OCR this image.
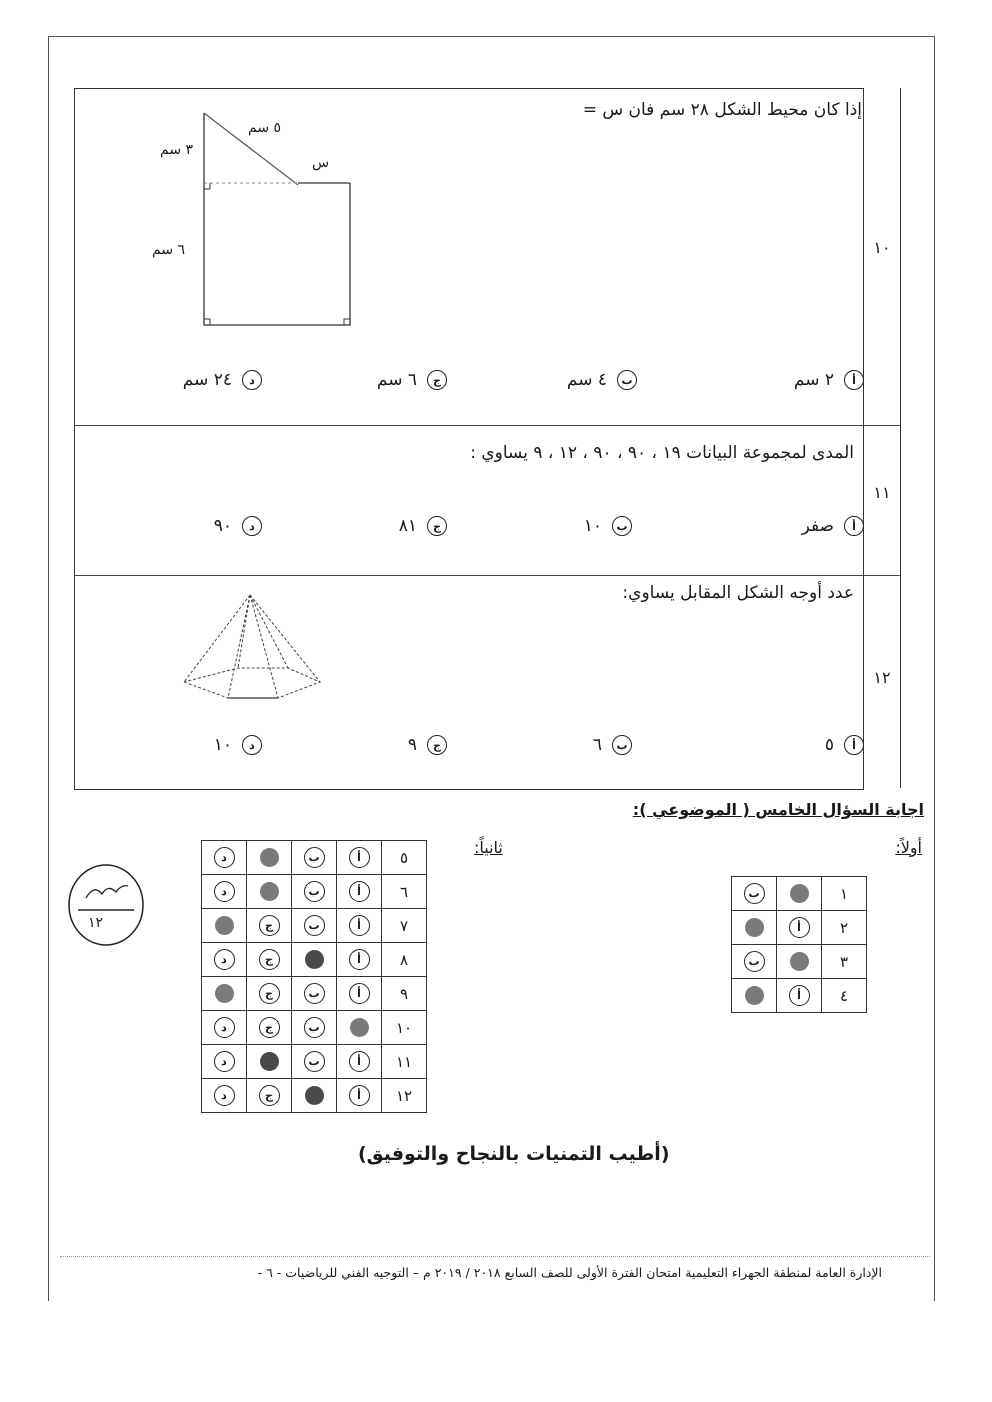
إذا كان محيط الشكل ٢٨ سم فان س =
١٠
٥ سم
٣ سم
٦ سم
س
أ
٢ سم
ب
٤ سم
ج
٦ سم
د
٢٤ سم
المدى لمجموعة البيانات ١٩ ، ٩٠ ، ٩٠ ، ١٢ ، ٩ يساوي :
١١
أ
صفر
ب
١٠
ج
٨١
د
٩٠
عدد أوجه الشكل المقابل يساوي:
١٢
أ
٥
ب
٦
ج
٩
د
١٠
اجابة السؤال الخامس ( الموضوعي ):
أولاً:
ثانياً:
د		ب	أ	٥
د		ب	أ	٦
	ج	ب	أ	٧
د	ج		أ	٨
	ج	ب	أ	٩
د	ج	ب		١٠
د		ب	أ	١١
د	ج		أ	١٢
ب		١
	أ	٢
ب		٣
	أ	٤
١٢
(أطيب التمنيات بالنجاح والتوفيق)
الإدارة العامة لمنطقة الجهراء التعليمية امتحان الفترة الأولى للصف السابع ٢٠١٨ / ٢٠١٩ م – التوجيه الفني للرياضيات - ٦ -
